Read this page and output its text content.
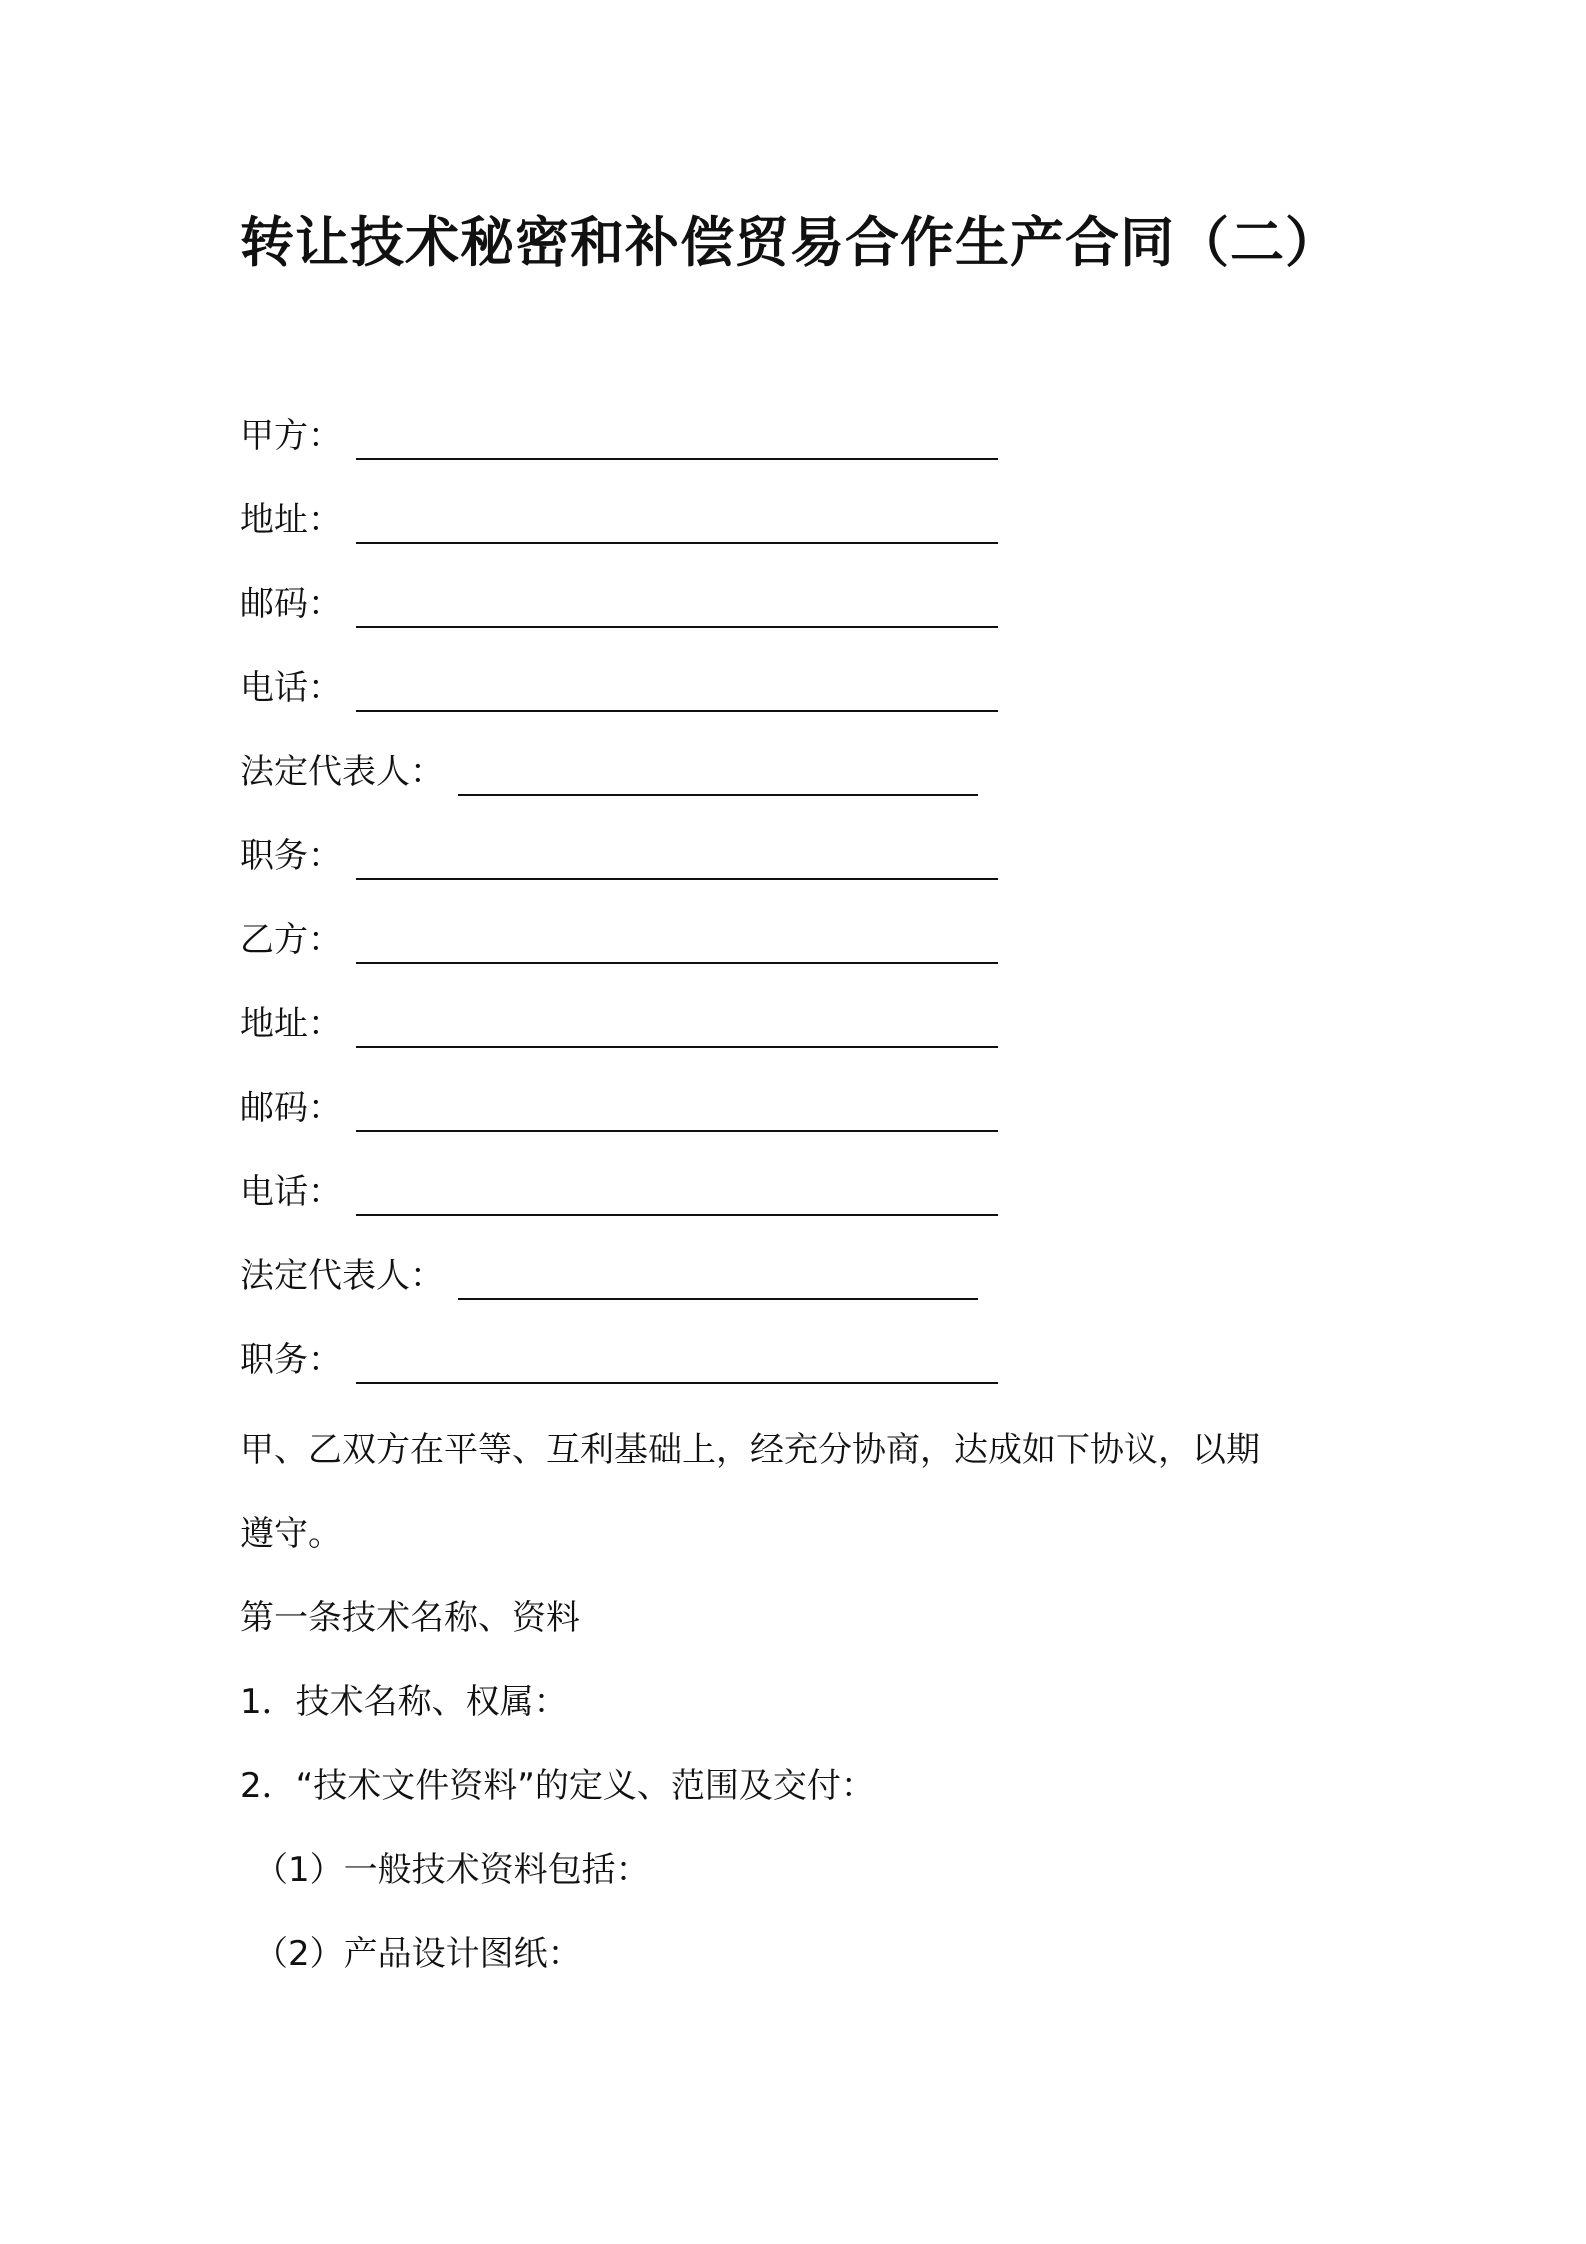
转让技术秘密和补偿贸易合作生产合同（二）
甲方：
地址：
邮码：
电话：
法定代表人：
职务：
乙方：
地址：
邮码：
电话：
法定代表人：
职务：
甲、乙双方在平等、互利基础上，经充分协商，达成如下协议，以期
遵守。
第一条技术名称、资料
1．技术名称、权属：
2．“技术文件资料”的定义、范围及交付：
（1）一般技术资料包括：
（2）产品设计图纸：
